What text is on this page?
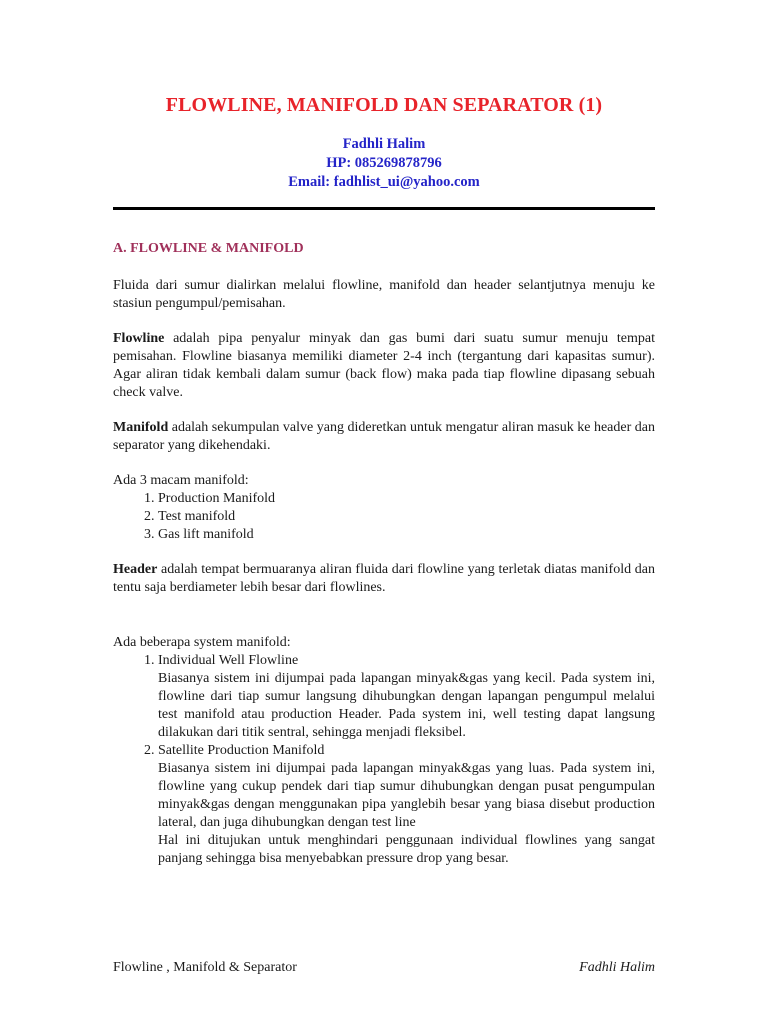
FLOWLINE, MANIFOLD DAN SEPARATOR (1)
Fadhli Halim
HP: 085269878796
Email: fadhlist_ui@yahoo.com
A. FLOWLINE & MANIFOLD

Fluida dari sumur dialirkan melalui flowline, manifold dan header selantjutnya menuju ke stasiun pengumpul/pemisahan.

Flowline adalah pipa penyalur minyak dan gas bumi dari suatu sumur menuju tempat pemisahan. Flowline biasanya memiliki diameter 2-4 inch (tergantung dari kapasitas sumur). Agar aliran tidak kembali dalam sumur (back flow) maka pada tiap flowline dipasang sebuah check valve.

Manifold adalah sekumpulan valve yang dideretkan untuk mengatur aliran masuk ke header dan separator yang dikehendaki.

Ada 3 macam manifold:

1. Production Manifold
2. Test manifold
3. Gas lift manifold

Header adalah tempat bermuaranya aliran fluida dari flowline yang terletak diatas manifold dan tentu saja berdiameter lebih besar dari flowlines.

Ada beberapa system manifold:

1. Individual Well Flowline
Biasanya sistem ini dijumpai pada lapangan minyak&gas yang kecil. Pada system ini, flowline dari tiap sumur langsung dihubungkan dengan lapangan pengumpul melalui test manifold atau production Header. Pada system ini, well testing dapat langsung dilakukan dari titik sentral, sehingga menjadi fleksibel.
2. Satellite Production Manifold
Biasanya sistem ini dijumpai pada lapangan minyak&gas yang luas. Pada system ini, flowline yang cukup pendek dari tiap sumur dihubungkan dengan pusat pengumpulan minyak&gas dengan menggunakan pipa yanglebih besar yang biasa disebut production lateral, dan juga dihubungkan dengan test line
Hal ini ditujukan untuk menghindari penggunaan individual flowlines yang sangat panjang sehingga bisa menyebabkan pressure drop yang besar.
Flowline , Manifold & Separator	Fadhli Halim
